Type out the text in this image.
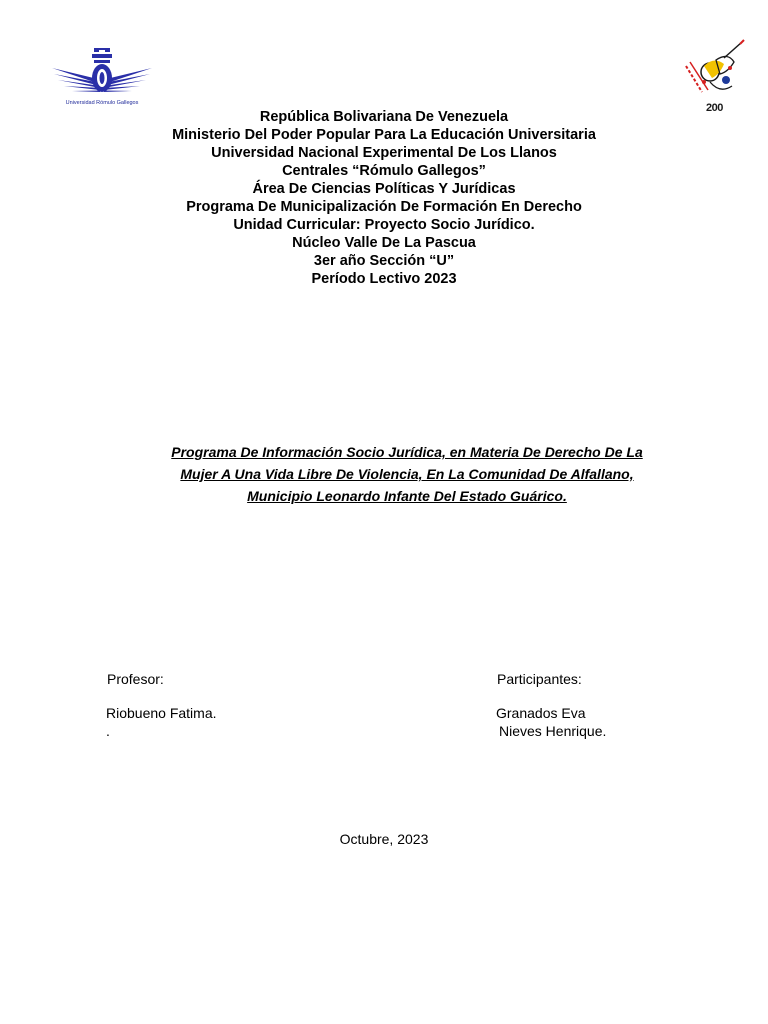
Universidad Rómulo Gallegos	200
República Bolivariana De Venezuela
Ministerio Del Poder Popular Para La Educación Universitaria
Universidad Nacional Experimental De Los Llanos
Centrales “Rómulo Gallegos”
Área De Ciencias Políticas Y Jurídicas
Programa De Municipalización De Formación En Derecho
Unidad Curricular: Proyecto Socio Jurídico.
Núcleo Valle De La Pascua
3er año Sección “U”
Período Lectivo 2023
Programa De Información Socio Jurídica, en Materia De Derecho De La
Mujer A Una Vida Libre De Violencia, En La Comunidad De Alfallano,
Municipio Leonardo Infante Del Estado Guárico.
Profesor:
Riobueno Fatima.
.
Participantes:
Granados Eva
Nieves Henrique.
Octubre, 2023
